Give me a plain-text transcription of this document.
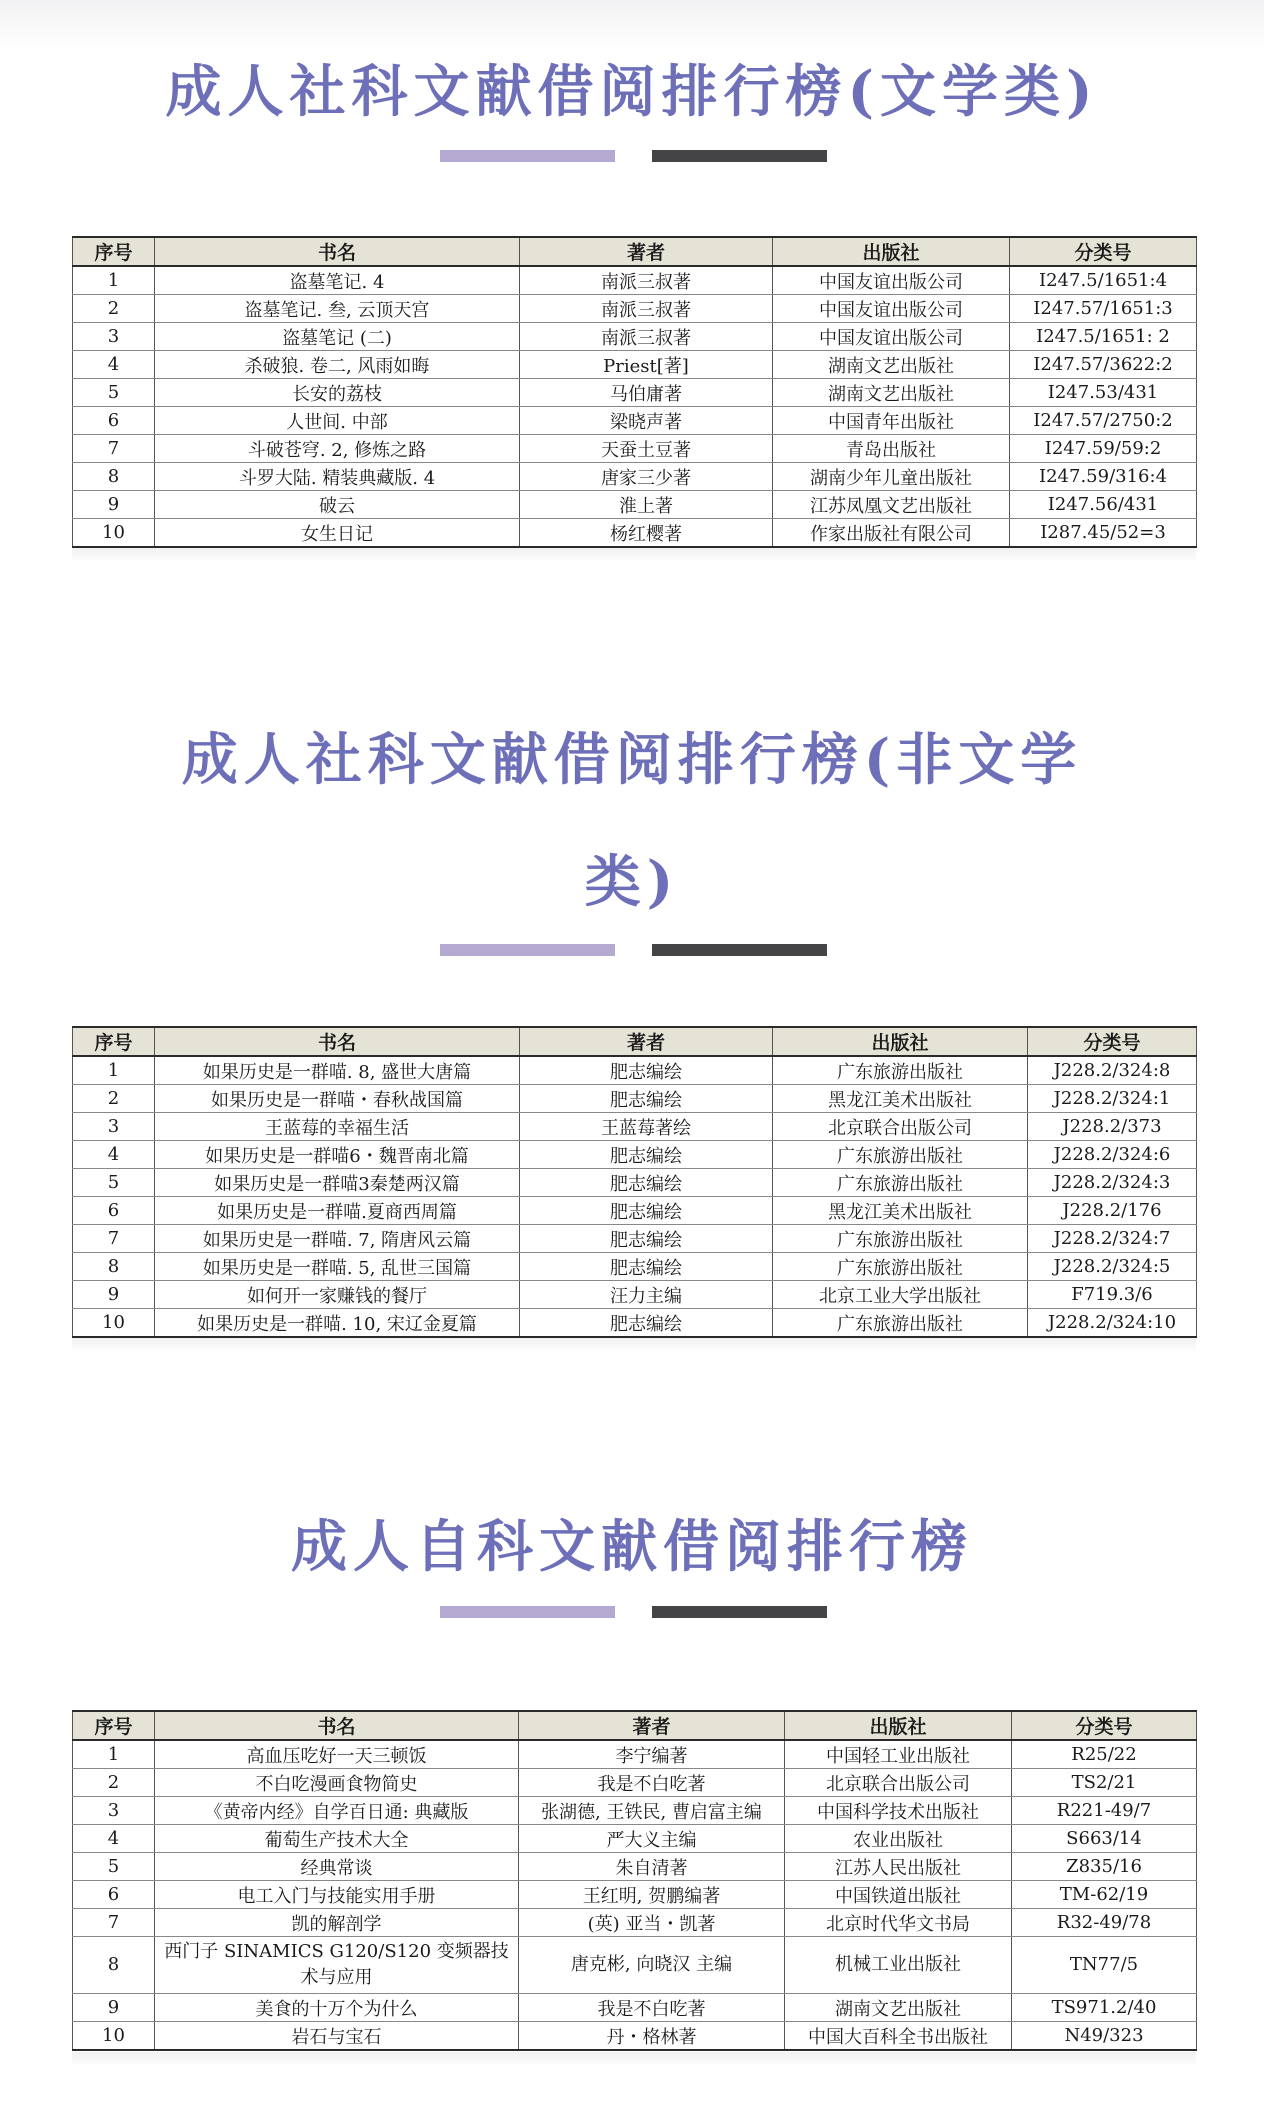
成人社科文献借阅排行榜(文学类)
序号	书名	著者	出版社	分类号
1	盗墓笔记. 4	南派三叔著	中国友谊出版公司	I247.5/1651:4
2	盗墓笔记. 叁, 云顶天宫	南派三叔著	中国友谊出版公司	I247.57/1651:3
3	盗墓笔记 (二)	南派三叔著	中国友谊出版公司	I247.5/1651: 2
4	杀破狼. 卷二, 风雨如晦	Priest[著]	湖南文艺出版社	I247.57/3622:2
5	长安的荔枝	马伯庸著	湖南文艺出版社	I247.53/431
6	人世间. 中部	梁晓声著	中国青年出版社	I247.57/2750:2
7	斗破苍穹. 2, 修炼之路	天蚕土豆著	青岛出版社	I247.59/59:2
8	斗罗大陆. 精装典藏版. 4	唐家三少著	湖南少年儿童出版社	I247.59/316:4
9	破云	淮上著	江苏凤凰文艺出版社	I247.56/431
10	女生日记	杨红樱著	作家出版社有限公司	I287.45/52=3
成人社科文献借阅排行榜(非文学
类)
序号	书名	著者	出版社	分类号
1	如果历史是一群喵. 8, 盛世大唐篇	肥志编绘	广东旅游出版社	J228.2/324:8
2	如果历史是一群喵・春秋战国篇	肥志编绘	黑龙江美术出版社	J228.2/324:1
3	王蓝莓的幸福生活	王蓝莓著绘	北京联合出版公司	J228.2/373
4	如果历史是一群喵6・魏晋南北篇	肥志编绘	广东旅游出版社	J228.2/324:6
5	如果历史是一群喵3秦楚两汉篇	肥志编绘	广东旅游出版社	J228.2/324:3
6	如果历史是一群喵.夏商西周篇	肥志编绘	黑龙江美术出版社	J228.2/176
7	如果历史是一群喵. 7, 隋唐风云篇	肥志编绘	广东旅游出版社	J228.2/324:7
8	如果历史是一群喵. 5, 乱世三国篇	肥志编绘	广东旅游出版社	J228.2/324:5
9	如何开一家赚钱的餐厅	汪力主编	北京工业大学出版社	F719.3/6
10	如果历史是一群喵. 10, 宋辽金夏篇	肥志编绘	广东旅游出版社	J228.2/324:10
成人自科文献借阅排行榜
序号	书名	著者	出版社	分类号
1	高血压吃好一天三顿饭	李宁编著	中国轻工业出版社	R25/22
2	不白吃漫画食物简史	我是不白吃著	北京联合出版公司	TS2/21
3	《黄帝内经》自学百日通: 典藏版	张湖德, 王铁民, 曹启富主编	中国科学技术出版社	R221-49/7
4	葡萄生产技术大全	严大义主编	农业出版社	S663/14
5	经典常谈	朱自清著	江苏人民出版社	Z835/16
6	电工入门与技能实用手册	王红明, 贺鹏编著	中国铁道出版社	TM-62/19
7	凯的解剖学	(英) 亚当・凯著	北京时代华文书局	R32-49/78
8	西门子 SINAMICS G120/S120 变频器技术与应用	唐克彬, 向晓汉 主编	机械工业出版社	TN77/5
9	美食的十万个为什么	我是不白吃著	湖南文艺出版社	TS971.2/40
10	岩石与宝石	丹・格林著	中国大百科全书出版社	N49/323
